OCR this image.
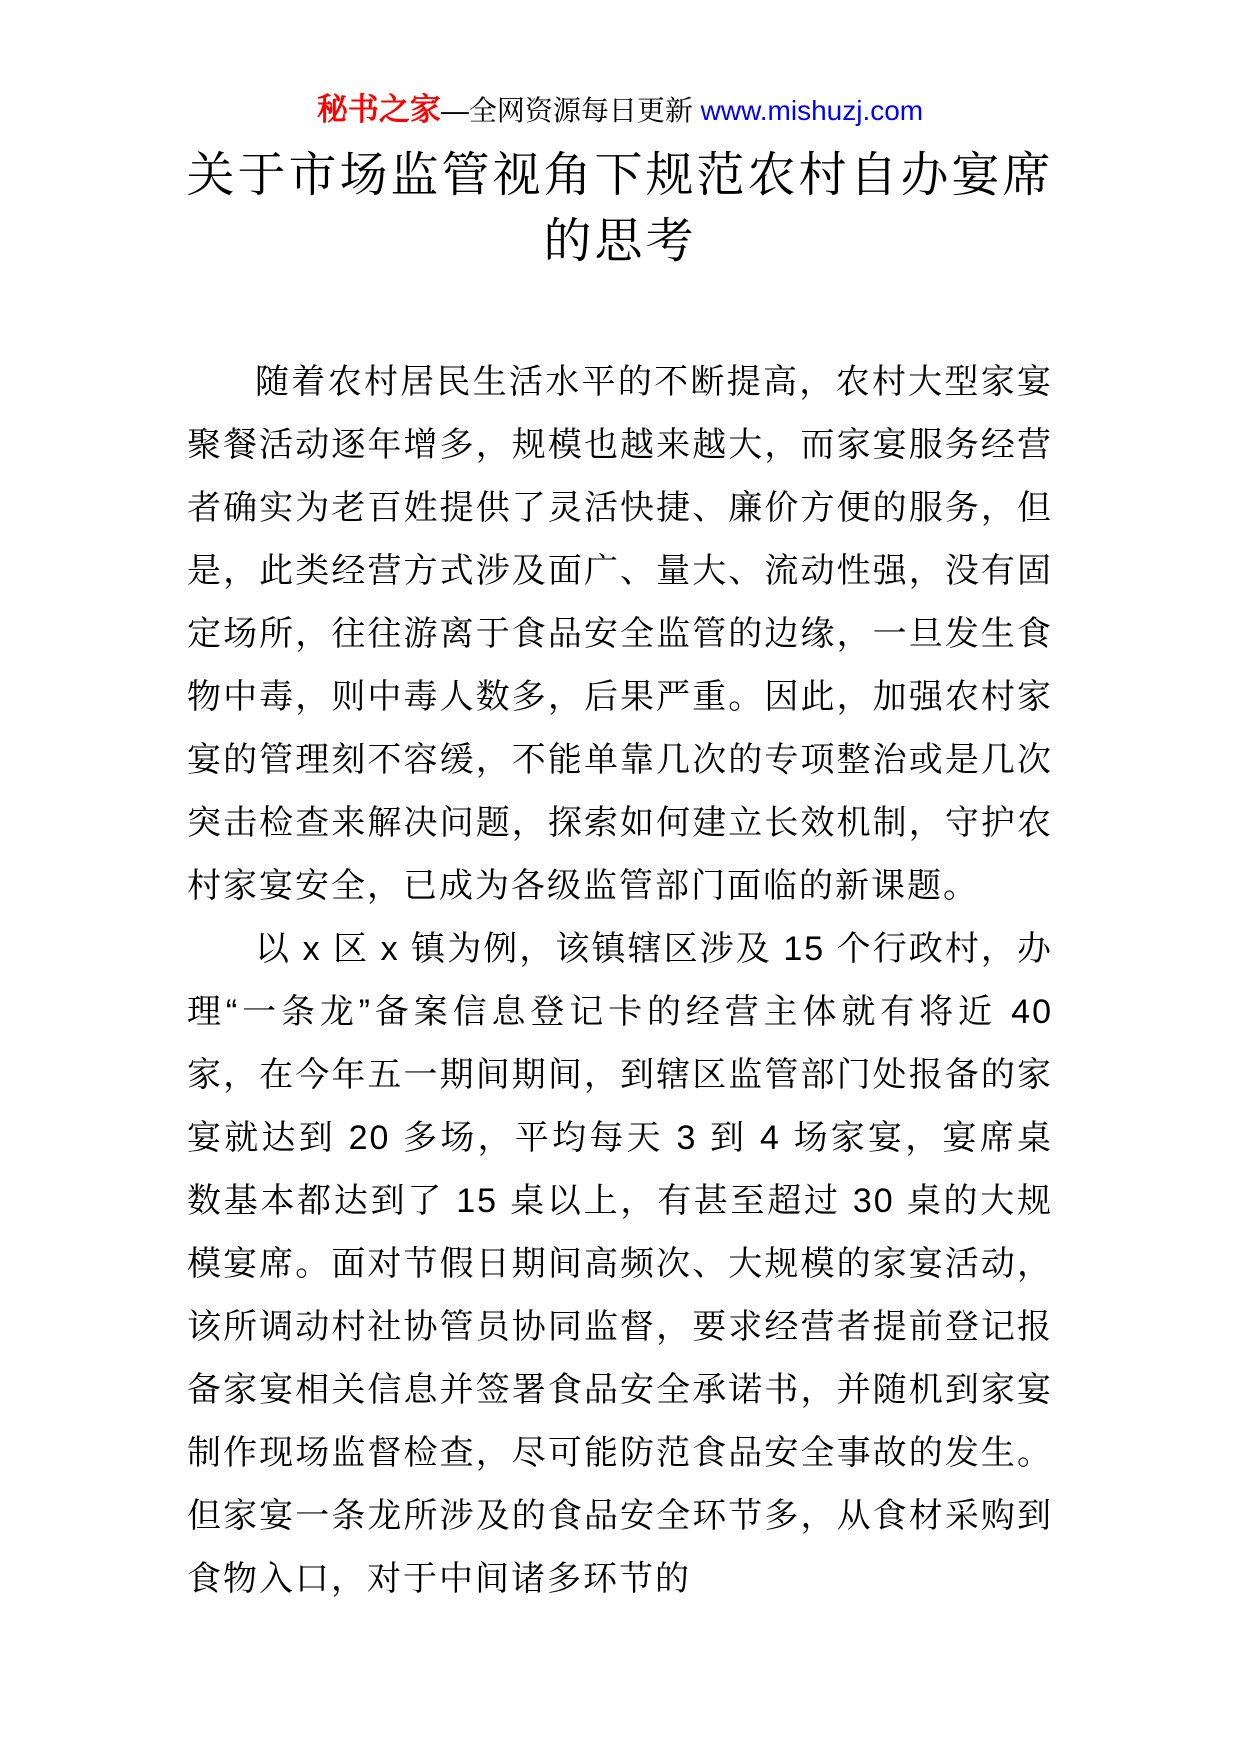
秘书之家—全网资源每日更新 www.mishuzj.com
关于市场监管视角下规范农村自办宴席的思考

随着农村居民生活水平的不断提高，农村大型家宴聚餐活动逐年增多，规模也越来越大，而家宴服务经营者确实为老百姓提供了灵活快捷、廉价方便的服务，但是，此类经营方式涉及面广、量大、流动性强，没有固定场所，往往游离于食品安全监管的边缘，一旦发生食物中毒，则中毒人数多，后果严重。因此，加强农村家宴的管理刻不容缓，不能单靠几次的专项整治或是几次突击检查来解决问题，探索如何建立长效机制，守护农村家宴安全，已成为各级监管部门面临的新课题。

以 x 区 x 镇为例，该镇辖区涉及 15 个行政村，办理“一条龙”备案信息登记卡的经营主体就有将近 40 家，在今年五一期间期间，到辖区监管部门处报备的家宴就达到 20 多场，平均每天 3 到 4 场家宴，宴席桌数基本都达到了 15 桌以上，有甚至超过 30 桌的大规模宴席。面对节假日期间高频次、大规模的家宴活动，该所调动村社协管员协同监督，要求经营者提前登记报备家宴相关信息并签署食品安全承诺书，并随机到家宴制作现场监督检查，尽可能防范食品安全事故的发生。但家宴一条龙所涉及的食品安全环节多，从食材采购到食物入口，对于中间诸多环节的
